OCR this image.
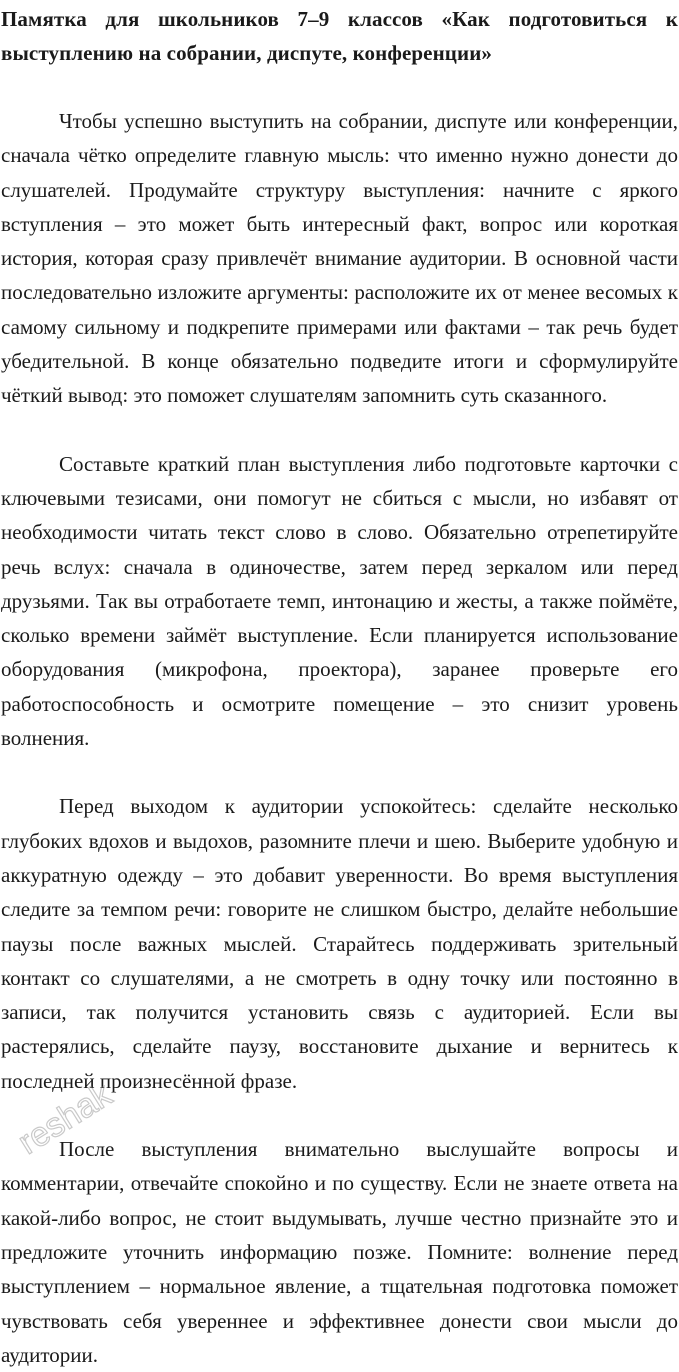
Памятка для школьников 7–9 классов «Как подготовиться к выступлению на собрании, диспуте, конференции»

Чтобы успешно выступить на собрании, диспуте или конференции, сначала чётко определите главную мысль: что именно нужно донести до слушателей. Продумайте структуру выступления: начните с яркого вступления – это может быть интересный факт, вопрос или короткая история, которая сразу привлечёт внимание аудитории. В основной части последовательно изложите аргументы: расположите их от менее весомых к самому сильному и подкрепите примерами или фактами – так речь будет убедительной. В конце обязательно подведите итоги и сформулируйте чёткий вывод: это поможет слушателям запомнить суть сказанного.

Составьте краткий план выступления либо подготовьте карточки с ключевыми тезисами, они помогут не сбиться с мысли, но избавят от необходимости читать текст слово в слово. Обязательно отрепетируйте речь вслух: сначала в одиночестве, затем перед зеркалом или перед друзьями. Так вы отработаете темп, интонацию и жесты, а также поймёте, сколько времени займёт выступление. Если планируется использование оборудования (микрофона, проектора), заранее проверьте его работоспособность и осмотрите помещение – это снизит уровень волнения.

Перед выходом к аудитории успокойтесь: сделайте несколько глубоких вдохов и выдохов, разомните плечи и шею. Выберите удобную и аккуратную одежду – это добавит уверенности. Во время выступления следите за темпом речи: говорите не слишком быстро, делайте небольшие паузы после важных мыслей. Старайтесь поддерживать зрительный контакт со слушателями, а не смотреть в одну точку или постоянно в записи, так получится установить связь с аудиторией. Если вы растерялись, сделайте паузу, восстановите дыхание и вернитесь к последней произнесённой фразе.

После выступления внимательно выслушайте вопросы и комментарии, отвечайте спокойно и по существу. Если не знаете ответа на какой-либо вопрос, не стоит выдумывать, лучше честно признайте это и предложите уточнить информацию позже. Помните: волнение перед выступлением – нормальное явление, а тщательная подготовка поможет чувствовать себя увереннее и эффективнее донести свои мысли до аудитории.

reshak
